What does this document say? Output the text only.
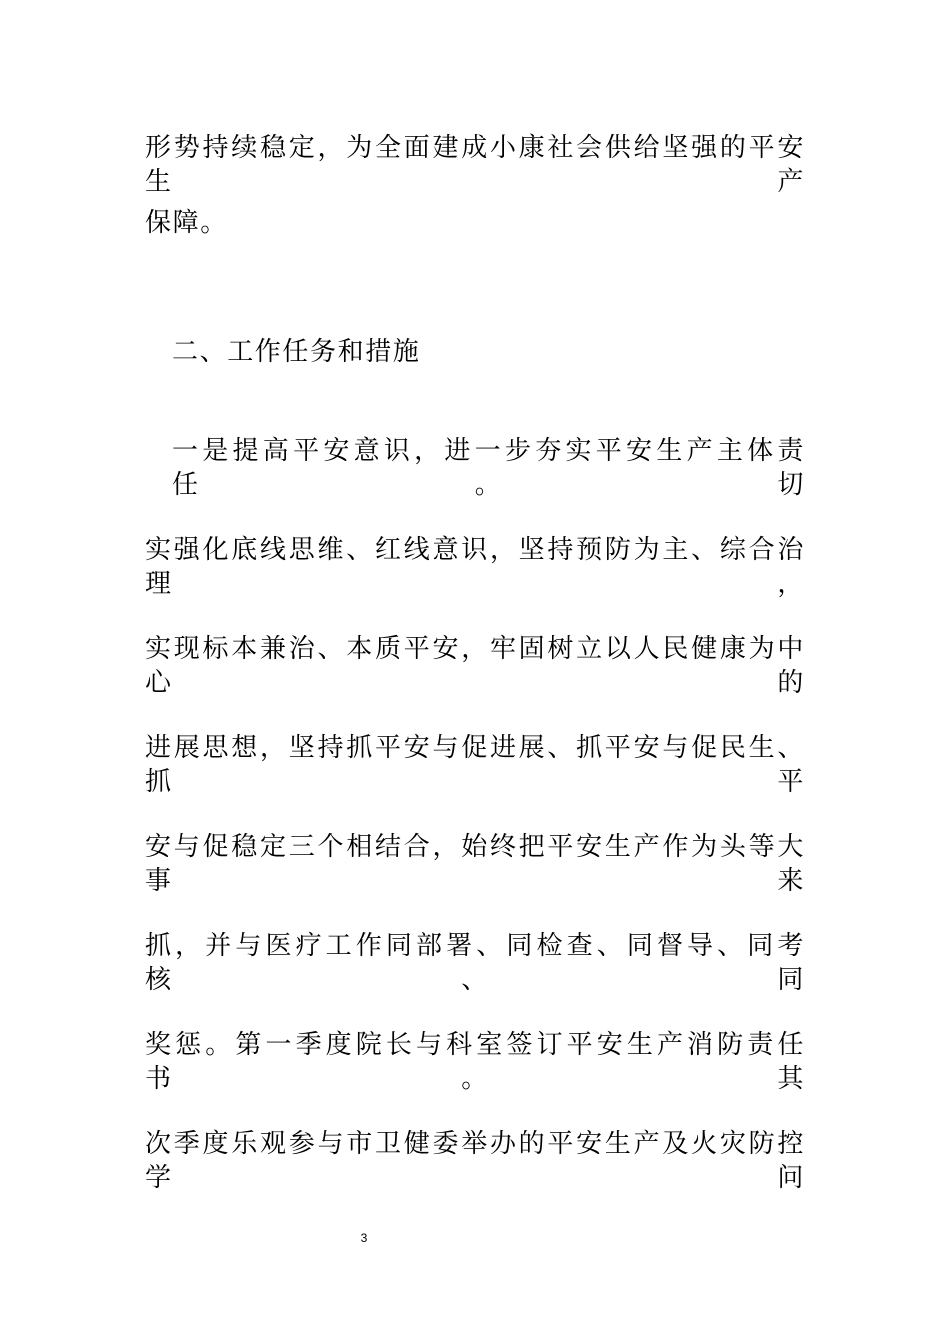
形势持续稳定，为全面建成小康社会供给坚强的平安生产
保障。
二、工作任务和措施
一是提高平安意识，进一步夯实平安生产主体责任。切
实强化底线思维、红线意识，坚持预防为主、综合治理，
实现标本兼治、本质平安，牢固树立以人民健康为中心的
进展思想，坚持抓平安与促进展、抓平安与促民生、抓平
安与促稳定三个相结合，始终把平安生产作为头等大事来
抓，并与医疗工作同部署、同检查、同督导、同考核、同
奖惩。第一季度院长与科室签订平安生产消防责任书。其
次季度乐观参与市卫健委举办的平安生产及火灾防控学问
3
